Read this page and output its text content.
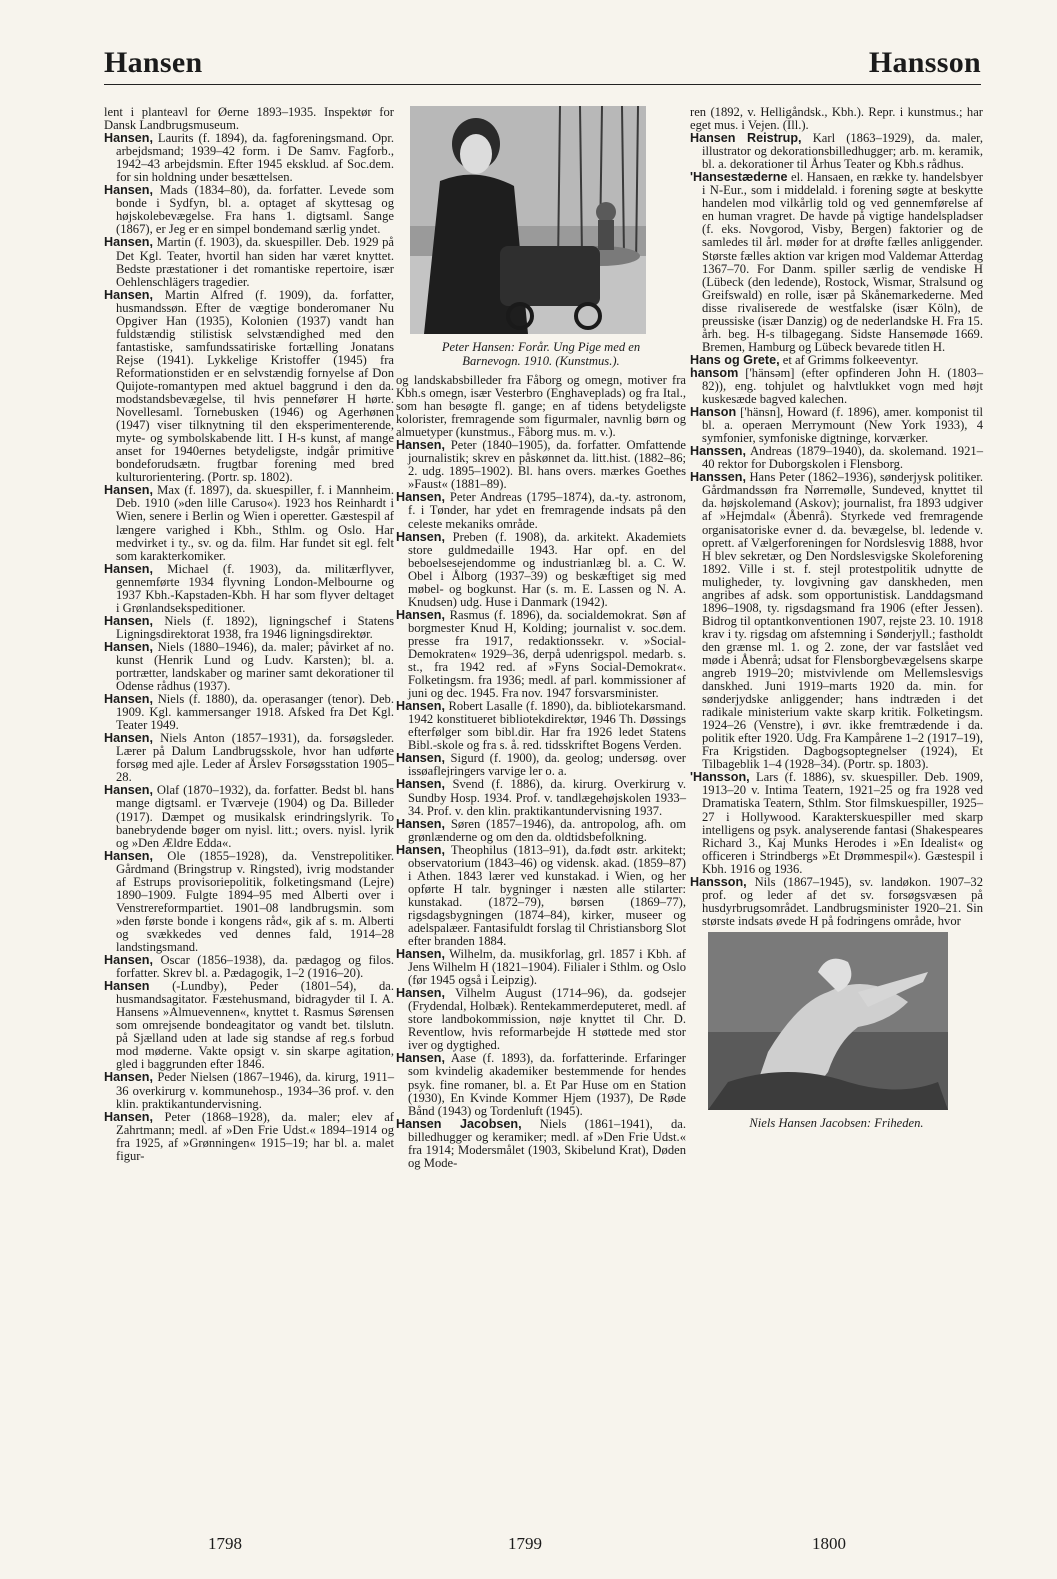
Hansen	Hansson

lent i planteavl for Øerne 1893–1935. Inspektør for Dansk Landbrugsmuseum.

Hansen, Laurits (f. 1894), da. fagforeningsmand. Opr. arbejdsmand; 1939–42 form. i De Samv. Fagforb., 1942–43 arbejdsmin. Efter 1945 eksklud. af Soc.dem. for sin holdning under besættelsen.

Hansen, Mads (1834–80), da. forfatter. Levede som bonde i Sydfyn, bl. a. optaget af skyttesag og højskolebevægelse. Fra hans 1. digtsaml. Sange (1867), er Jeg er en simpel bondemand særlig yndet.

Hansen, Martin (f. 1903), da. skuespiller. Deb. 1929 på Det Kgl. Teater, hvortil han siden har været knyttet. Bedste præstationer i det romantiske repertoire, især Oehlenschlägers tragedier.

Hansen, Martin Alfred (f. 1909), da. forfatter, husmandssøn. Efter de vægtige bonderomaner Nu Opgiver Han (1935), Kolonien (1937) vandt han fuldstændig stilistisk selvstændighed med den fantastiske, samfundssatiriske fortælling Jonatans Rejse (1941). Lykkelige Kristoffer (1945) fra Reformationstiden er en selvstændig fornyelse af Don Quijote-romantypen med aktuel baggrund i den da. modstandsbevægelse, til hvis pennefører H hørte. Novellesaml. Tornebusken (1946) og Agerhønen (1947) viser tilknytning til den eksperimenterende, myte- og symbolskabende litt. I H-s kunst, af mange anset for 1940ernes betydeligste, indgår primitive bondeforudsætn. frugtbar forening med bred kulturorientering. (Portr. sp. 1802).

Hansen, Max (f. 1897), da. skuespiller, f. i Mannheim. Deb. 1910 (»den lille Caruso«). 1923 hos Reinhardt i Wien, senere i Berlin og Wien i operetter. Gæstespil af længere varighed i Kbh., Sthlm. og Oslo. Har medvirket i ty., sv. og da. film. Har fundet sit egl. felt som karakterkomiker.

Hansen, Michael (f. 1903), da. militærflyver, gennemførte 1934 flyvning London-Melbourne og 1937 Kbh.-Kapstaden-Kbh. H har som flyver deltaget i Grønlandsekspeditioner.

Hansen, Niels (f. 1892), ligningschef i Statens Ligningsdirektorat 1938, fra 1946 ligningsdirektør.

Hansen, Niels (1880–1946), da. maler; påvirket af no. kunst (Henrik Lund og Ludv. Karsten); bl. a. portrætter, landskaber og mariner samt dekorationer til Odense rådhus (1937).

Hansen, Niels (f. 1880), da. operasanger (tenor). Deb. 1909. Kgl. kammersanger 1918. Afsked fra Det Kgl. Teater 1949.

Hansen, Niels Anton (1857–1931), da. forsøgsleder. Lærer på Dalum Landbrugsskole, hvor han udførte forsøg med ajle. Leder af Årslev Forsøgsstation 1905–28.

Hansen, Olaf (1870–1932), da. forfatter. Bedst bl. hans mange digtsaml. er Tværveje (1904) og Da. Billeder (1917). Dæmpet og musikalsk erindringslyrik. To banebrydende bøger om nyisl. litt.; overs. nyisl. lyrik og »Den Ældre Edda«.

Hansen, Ole (1855–1928), da. Venstrepolitiker. Gårdmand (Bringstrup v. Ringsted), ivrig modstander af Estrups provisoriepolitik, folketingsmand (Lejre) 1890–1909. Fulgte 1894–95 med Alberti over i Venstrereformpartiet. 1901–08 landbrugsmin. som »den første bonde i kongens råd«, gik af s. m. Alberti og svækkedes ved dennes fald, 1914–28 landstingsmand.

Hansen, Oscar (1856–1938), da. pædagog og filos. forfatter. Skrev bl. a. Pædagogik, 1–2 (1916–20).

Hansen (-Lundby), Peder (1801–54), da. husmandsagitator. Fæstehusmand, bidragyder til I. A. Hansens »Almuevennen«, knyttet t. Rasmus Sørensen som omrejsende bondeagitator og vandt bet. tilslutn. på Sjælland uden at lade sig standse af reg.s forbud mod møderne. Vakte opsigt v. sin skarpe agitation, gled i baggrunden efter 1846.

Hansen, Peder Nielsen (1867–1946), da. kirurg, 1911–36 overkirurg v. kommunehosp., 1934–36 prof. v. den klin. praktikantundervisning.

Hansen, Peter (1868–1928), da. maler; elev af Zahrtmann; medl. af »Den Frie Udst.« 1894–1914 og fra 1925, af »Grønningen« 1915–19; har bl. a. malet figur-

Peter Hansen: Forår. Ung Pige med en
Barnevogn. 1910. (Kunstmus.).

og landskabsbilleder fra Fåborg og omegn, motiver fra Kbh.s omegn, især Vesterbro (Enghaveplads) og fra Ital., som han besøgte fl. gange; en af tidens betydeligste kolorister, fremragende som figurmaler, navnlig børn og almuetyper (kunstmus., Fåborg mus. m. v.).

Hansen, Peter (1840–1905), da. forfatter. Omfattende journalistik; skrev en påskønnet da. litt.hist. (1882–86; 2. udg. 1895–1902). Bl. hans overs. mærkes Goethes »Faust« (1881–89).

Hansen, Peter Andreas (1795–1874), da.-ty. astronom, f. i Tønder, har ydet en fremragende indsats på den celeste mekaniks område.

Hansen, Preben (f. 1908), da. arkitekt. Akademiets store guldmedaille 1943. Har opf. en del beboelsesejendomme og industrianlæg bl. a. C. W. Obel i Ålborg (1937–39) og beskæftiget sig med møbel- og bogkunst. Har (s. m. E. Lassen og N. A. Knudsen) udg. Huse i Danmark (1942).

Hansen, Rasmus (f. 1896), da. socialdemokrat. Søn af borgmester Knud H, Kolding; journalist v. soc.dem. presse fra 1917, redaktionssekr. v. »Social-Demokraten« 1929–36, derpå udenrigspol. medarb. s. st., fra 1942 red. af »Fyns Social-Demokrat«. Folketingsm. fra 1936; medl. af parl. kommissioner af juni og dec. 1945. Fra nov. 1947 forsvarsminister.

Hansen, Robert Lasalle (f. 1890), da. bibliotekarsmand. 1942 konstitueret bibliotekdirektør, 1946 Th. Døssings efterfølger som bibl.dir. Har fra 1926 ledet Statens Bibl.-skole og fra s. å. red. tidsskriftet Bogens Verden.

Hansen, Sigurd (f. 1900), da. geolog; undersøg. over issøaflejringers varvige ler o. a.

Hansen, Svend (f. 1886), da. kirurg. Overkirurg v. Sundby Hosp. 1934. Prof. v. tandlægehøjskolen 1933–34. Prof. v. den klin. praktikantundervisning 1937.

Hansen, Søren (1857–1946), da. antropolog, afh. om grønlænderne og om den da. oldtidsbefolkning.

Hansen, Theophilus (1813–91), da.født østr. arkitekt; observatorium (1843–46) og vidensk. akad. (1859–87) i Athen. 1843 lærer ved kunstakad. i Wien, og her opførte H talr. bygninger i næsten alle stilarter: kunstakad. (1872–79), børsen (1869–77), rigsdagsbygningen (1874–84), kirker, museer og adelspalæer. Fantasifuldt forslag til Christiansborg Slot efter branden 1884.

Hansen, Wilhelm, da. musikforlag, grl. 1857 i Kbh. af Jens Wilhelm H (1821–1904). Filialer i Sthlm. og Oslo (før 1945 også i Leipzig).

Hansen, Vilhelm August (1714–96), da. godsejer (Frydendal, Holbæk). Rentekammerdeputeret, medl. af store landbokommission, nøje knyttet til Chr. D. Reventlow, hvis reformarbejde H støttede med stor iver og dygtighed.

Hansen, Aase (f. 1893), da. forfatterinde. Erfaringer som kvindelig akademiker bestemmende for hendes psyk. fine romaner, bl. a. Et Par Huse om en Station (1930), En Kvinde Kommer Hjem (1937), De Røde Bånd (1943) og Tordenluft (1945).

Hansen Jacobsen, Niels (1861–1941), da. billedhugger og keramiker; medl. af »Den Frie Udst.« fra 1914; Modersmålet (1903, Skibelund Krat), Døden og Mode-

ren (1892, v. Helligåndsk., Kbh.). Repr. i kunstmus.; har eget mus. i Vejen. (Ill.).

Hansen Reistrup, Karl (1863–1929), da. maler, illustrator og dekorationsbilledhugger; arb. m. keramik, bl. a. dekorationer til Århus Teater og Kbh.s rådhus.

'Hansestæderne el. Hansaen, en række ty. handelsbyer i N-Eur., som i middelald. i forening søgte at beskytte handelen mod vilkårlig told og ved gennemførelse af en human vragret. De havde på vigtige handelspladser (f. eks. Novgorod, Visby, Bergen) faktorier og de samledes til årl. møder for at drøfte fælles anliggender. Største fælles aktion var krigen mod Valdemar Atterdag 1367–70. For Danm. spiller særlig de vendiske H (Lübeck (den ledende), Rostock, Wismar, Stralsund og Greifswald) en rolle, især på Skånemarkederne. Med disse rivaliserede de westfalske (især Köln), de preussiske (især Danzig) og de nederlandske H. Fra 15. årh. beg. H-s tilbagegang. Sidste Hansemøde 1669. Bremen, Hamburg og Lübeck bevarede titlen H.

Hans og Grete, et af Grimms folkeeventyr.

hansom ['hänsəm] (efter opfinderen John H. (1803–82)), eng. tohjulet og halvtlukket vogn med højt kuskesæde bagved kalechen.

Hanson ['hänsn], Howard (f. 1896), amer. komponist til bl. a. operaen Merrymount (New York 1933), 4 symfonier, symfoniske digtninge, korværker.

Hanssen, Andreas (1879–1940), da. skolemand. 1921–40 rektor for Duborgskolen i Flensborg.

Hanssen, Hans Peter (1862–1936), sønderjysk politiker. Gårdmandssøn fra Nørremølle, Sundeved, knyttet til da. højskolemand (Askov); journalist, fra 1893 udgiver af »Hejmdal« (Åbenrå). Styrkede ved fremragende organisatoriske evner d. da. bevægelse, bl. ledende v. oprett. af Vælgerforeningen for Nordslesvig 1888, hvor H blev sekretær, og Den Nordslesvigske Skoleforening 1892. Ville i st. f. stejl protestpolitik udnytte de muligheder, ty. lovgivning gav danskheden, men angribes af adsk. som opportunistisk. Landdagsmand 1896–1908, ty. rigsdagsmand fra 1906 (efter Jessen). Bidrog til optantkonventionen 1907, rejste 23. 10. 1918 krav i ty. rigsdag om afstemning i Sønderjyll.; fastholdt den grænse ml. 1. og 2. zone, der var fastslået ved møde i Åbenrå; udsat for Flensborgbevægelsens skarpe angreb 1919–20; mistvivlende om Mellemslesvigs danskhed. Juni 1919–marts 1920 da. min. for sønderjydske anliggender; hans indtræden i det radikale ministerium vakte skarp kritik. Folketingsm. 1924–26 (Venstre), i øvr. ikke fremtrædende i da. politik efter 1920. Udg. Fra Kampårene 1–2 (1917–19), Fra Krigstiden. Dagbogsoptegnelser (1924), Et Tilbageblik 1–4 (1928–34). (Portr. sp. 1803).

'Hansson, Lars (f. 1886), sv. skuespiller. Deb. 1909, 1913–20 v. Intima Teatern, 1921–25 og fra 1928 ved Dramatiska Teatern, Sthlm. Stor filmskuespiller, 1925–27 i Hollywood. Karakterskuespiller med skarp intelligens og psyk. analyserende fantasi (Shakespeares Richard 3., Kaj Munks Herodes i »En Idealist« og officeren i Strindbergs »Et Drømmespil«). Gæstespil i Kbh. 1916 og 1936.

Hansson, Nils (1867–1945), sv. landøkon. 1907–32 prof. og leder af det sv. forsøgsvæsen på husdyrbrugsområdet. Landbrugsminister 1920–21. Sin største indsats øvede H på fodringens område, hvor

Niels Hansen Jacobsen: Friheden.
1798	1799	1800
